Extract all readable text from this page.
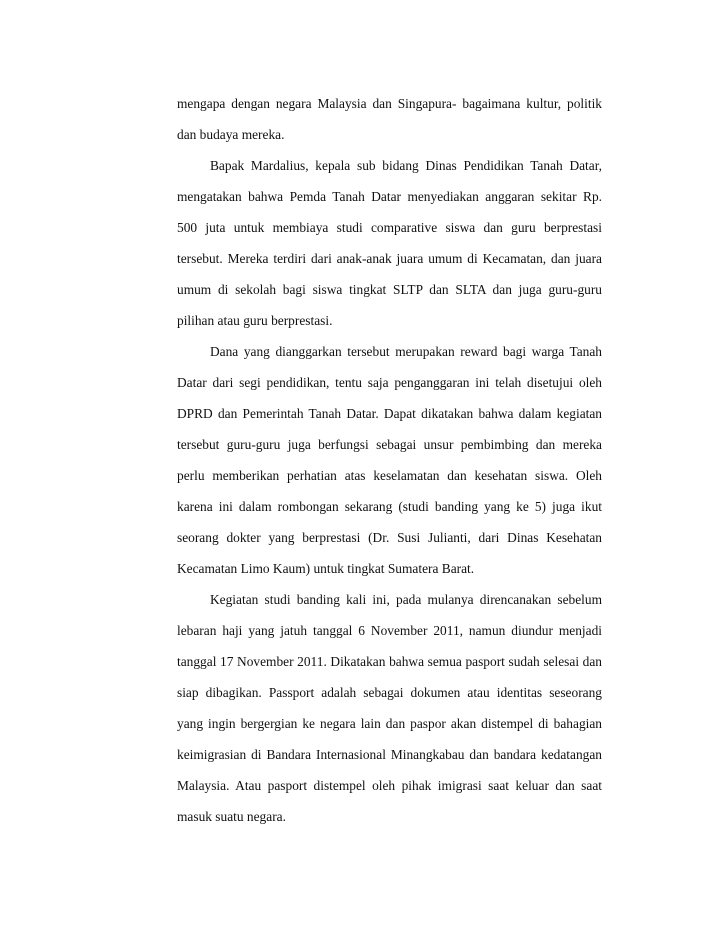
mengapa dengan negara Malaysia dan Singapura- bagaimana kultur, politik
dan budaya mereka.
Bapak Mardalius, kepala sub bidang Dinas Pendidikan Tanah Datar,
mengatakan bahwa Pemda Tanah Datar menyediakan anggaran sekitar Rp.
500 juta untuk membiaya studi comparative siswa dan guru berprestasi
tersebut. Mereka terdiri dari anak-anak juara umum di Kecamatan, dan juara
umum di sekolah bagi siswa tingkat SLTP dan SLTA dan juga guru-guru
pilihan atau guru berprestasi.
Dana yang dianggarkan tersebut merupakan reward bagi warga Tanah
Datar dari segi pendidikan, tentu saja penganggaran ini telah disetujui oleh
DPRD dan Pemerintah Tanah Datar. Dapat dikatakan bahwa dalam kegiatan
tersebut guru-guru juga berfungsi sebagai unsur pembimbing dan mereka
perlu memberikan perhatian atas keselamatan dan kesehatan siswa. Oleh
karena ini dalam rombongan sekarang (studi banding yang ke 5) juga ikut
seorang dokter yang berprestasi (Dr. Susi Julianti, dari Dinas Kesehatan
Kecamatan Limo Kaum) untuk tingkat Sumatera Barat.
Kegiatan studi banding kali ini, pada mulanya direncanakan sebelum
lebaran haji yang jatuh tanggal 6 November 2011, namun diundur menjadi
tanggal 17 November 2011. Dikatakan bahwa semua pasport sudah selesai dan
siap dibagikan. Passport adalah sebagai dokumen atau identitas seseorang
yang ingin bergergian ke negara lain dan paspor akan distempel di bahagian
keimigrasian di Bandara Internasional Minangkabau dan bandara kedatangan
Malaysia. Atau pasport distempel oleh pihak imigrasi saat keluar dan saat
masuk suatu negara.
